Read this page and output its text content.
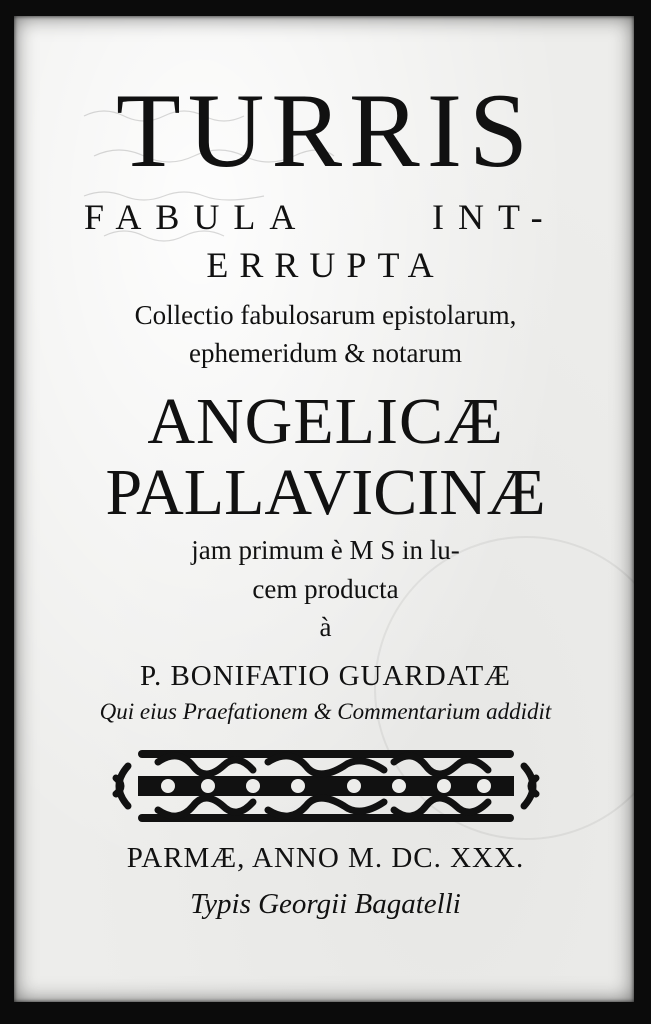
TURRIS
FABULA	INT-
ERRUPTA
Collectio fabulosarum epistolarum,
ephemeridum & notarum
ANGELICÆ
PALLAVICINÆ
jam primum è M S in lu-
cem producta
à
P. BONIFATIO GUARDATÆ
Qui eius Praefationem & Commentarium addidit
PARMÆ, ANNO M. DC. XXX.
Typis Georgii Bagatelli
